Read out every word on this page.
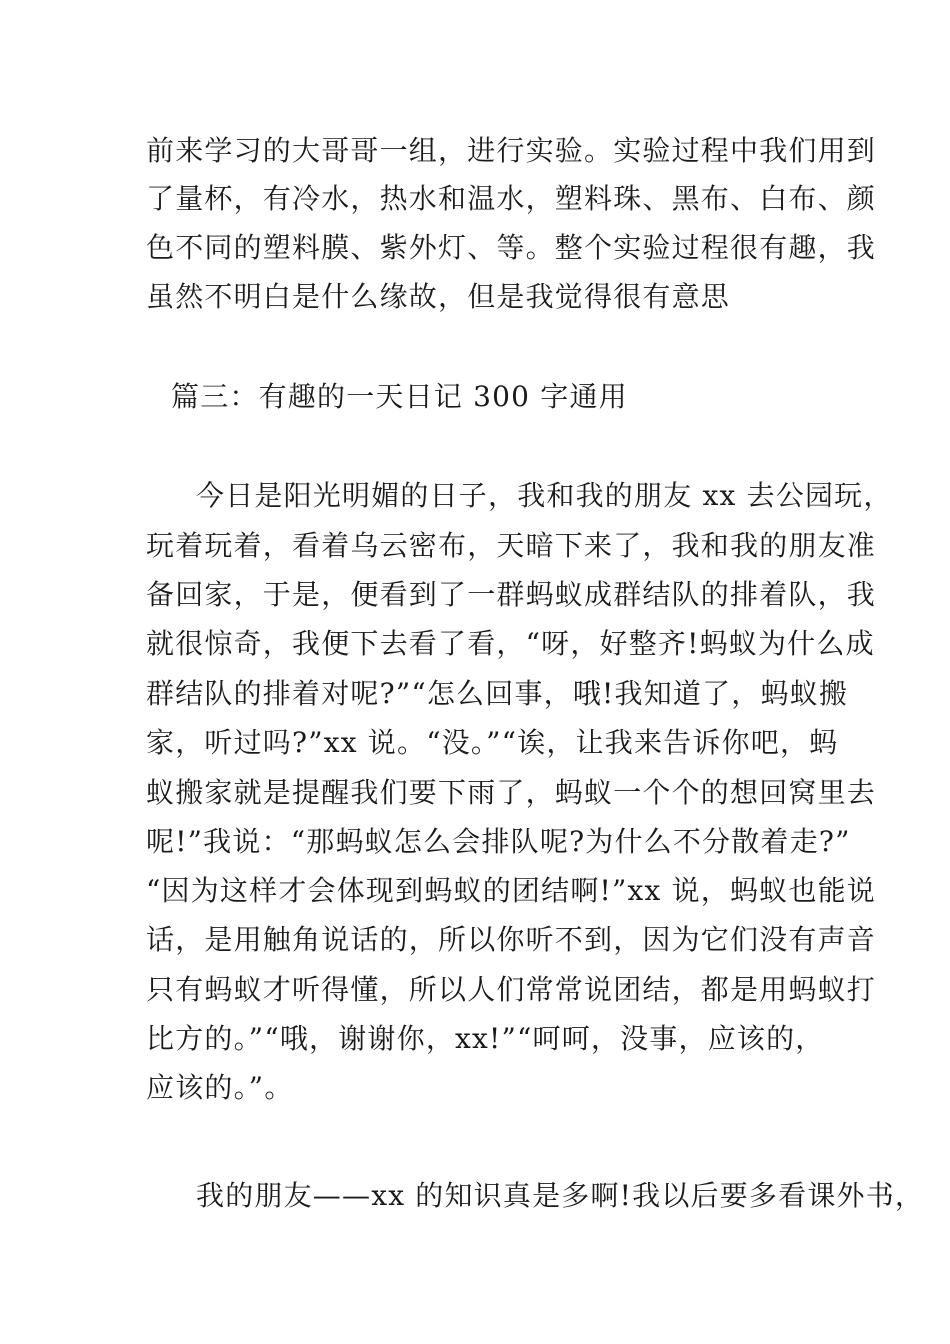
前来学习的大哥哥一组，进行实验。实验过程中我们用到
了量杯，有冷水，热水和温水，塑料珠、黑布、白布、颜
色不同的塑料膜、紫外灯、等。整个实验过程很有趣，我
虽然不明白是什么缘故，但是我觉得很有意思
篇三：有趣的一天日记 300 字通用
今日是阳光明媚的日子，我和我的朋友 xx 去公园玩，
玩着玩着，看着乌云密布，天暗下来了，我和我的朋友准
备回家，于是，便看到了一群蚂蚁成群结队的排着队，我
就很惊奇，我便下去看了看，“呀，好整齐!蚂蚁为什么成
群结队的排着对呢?”“怎么回事，哦!我知道了，蚂蚁搬
家，听过吗?”xx 说。“没。”“诶，让我来告诉你吧，蚂
蚁搬家就是提醒我们要下雨了，蚂蚁一个个的想回窝里去
呢!”我说：“那蚂蚁怎么会排队呢?为什么不分散着走?”
“因为这样才会体现到蚂蚁的团结啊!”xx 说，蚂蚁也能说
话，是用触角说话的，所以你听不到，因为它们没有声音
只有蚂蚁才听得懂，所以人们常常说团结，都是用蚂蚁打
比方的。”“哦，谢谢你，xx!”“呵呵，没事，应该的，
应该的。”。
我的朋友——xx 的知识真是多啊!我以后要多看课外书，
